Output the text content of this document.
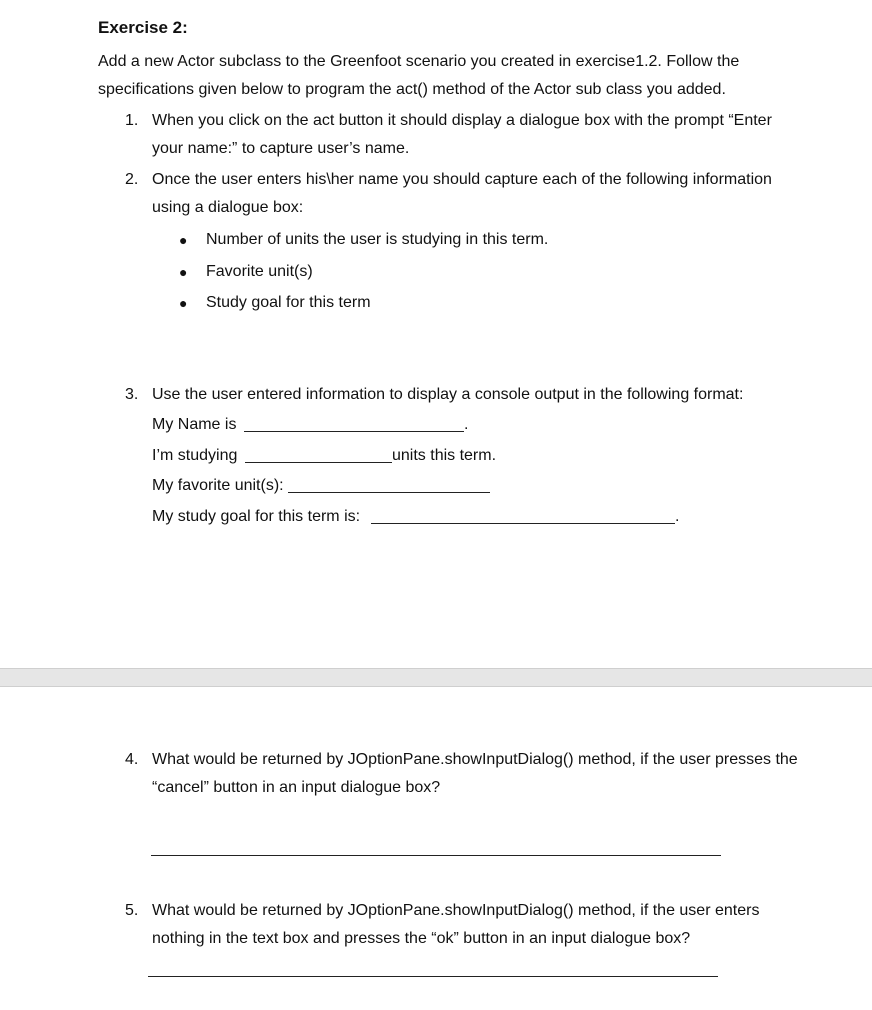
Exercise 2:
Add a new Actor subclass to the Greenfoot scenario you created in exercise1.2. Follow the
specifications given below to program the act() method of the Actor sub class you added.
1. When you click on the act button it should display a dialogue box with the prompt “Enter
your name:” to capture user’s name.
2. Once the user enters his\her name you should capture each of the following information
using a dialogue box:
● Number of units the user is studying in this term.
● Favorite unit(s)
● Study goal for this term
3. Use the user entered information to display a console output in the following format:
My Name is	.
I’m studying	units this term.
My favorite unit(s):
My study goal for this term is:	.
4. What would be returned by JOptionPane.showInputDialog() method, if the user presses the
“cancel” button in an input dialogue box?
5. What would be returned by JOptionPane.showInputDialog() method, if the user enters
nothing in the text box and presses the “ok” button in an input dialogue box?
